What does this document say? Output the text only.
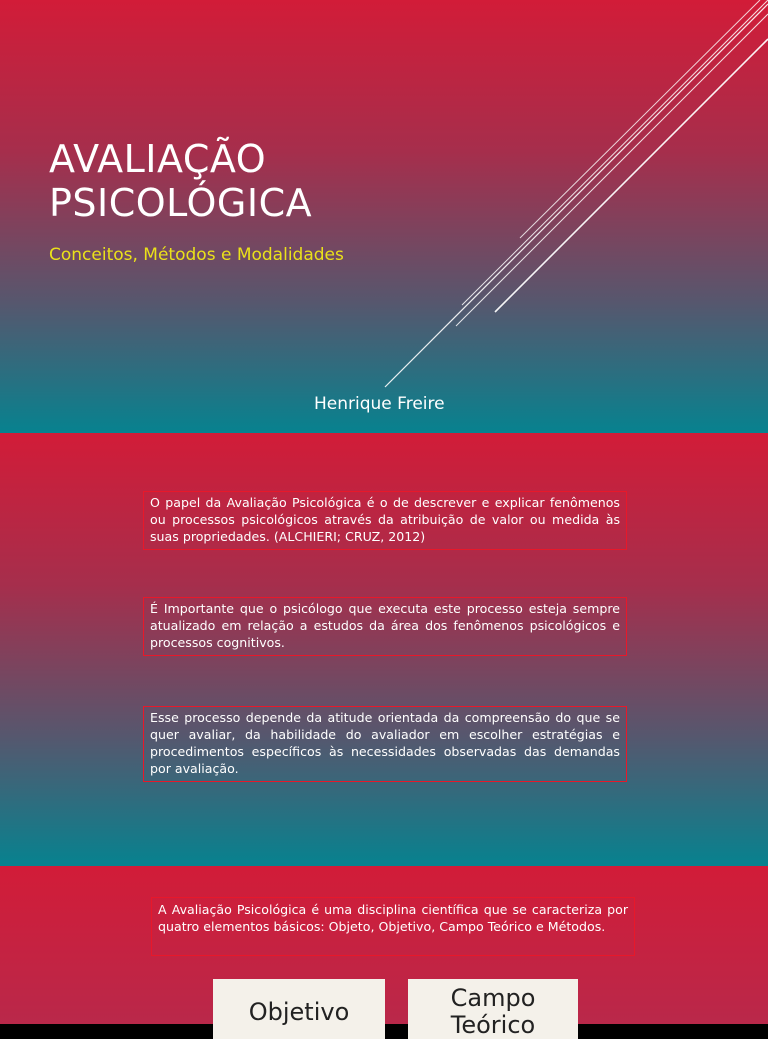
AVALIAÇÃO
PSICOLÓGICA

Conceitos, Métodos e Modalidades

Henrique Freire

O papel da Avaliação Psicológica é o de descrever e explicar fenômenos ou processos psicológicos através da atribuição de valor ou medida às suas propriedades. (ALCHIERI; CRUZ, 2012)
É Importante que o psicólogo que executa este processo esteja sempre atualizado em relação a estudos da área dos fenômenos psicológicos e processos cognitivos.
Esse processo depende da atitude orientada da compreensão do que se quer avaliar, da habilidade do avaliador em escolher estratégias e procedimentos específicos às necessidades observadas das demandas por avaliação.
A Avaliação Psicológica é uma disciplina científica que se caracteriza por quatro elementos básicos: Objeto, Objetivo, Campo Teórico e Métodos.
Objetivo	Campo Teórico
